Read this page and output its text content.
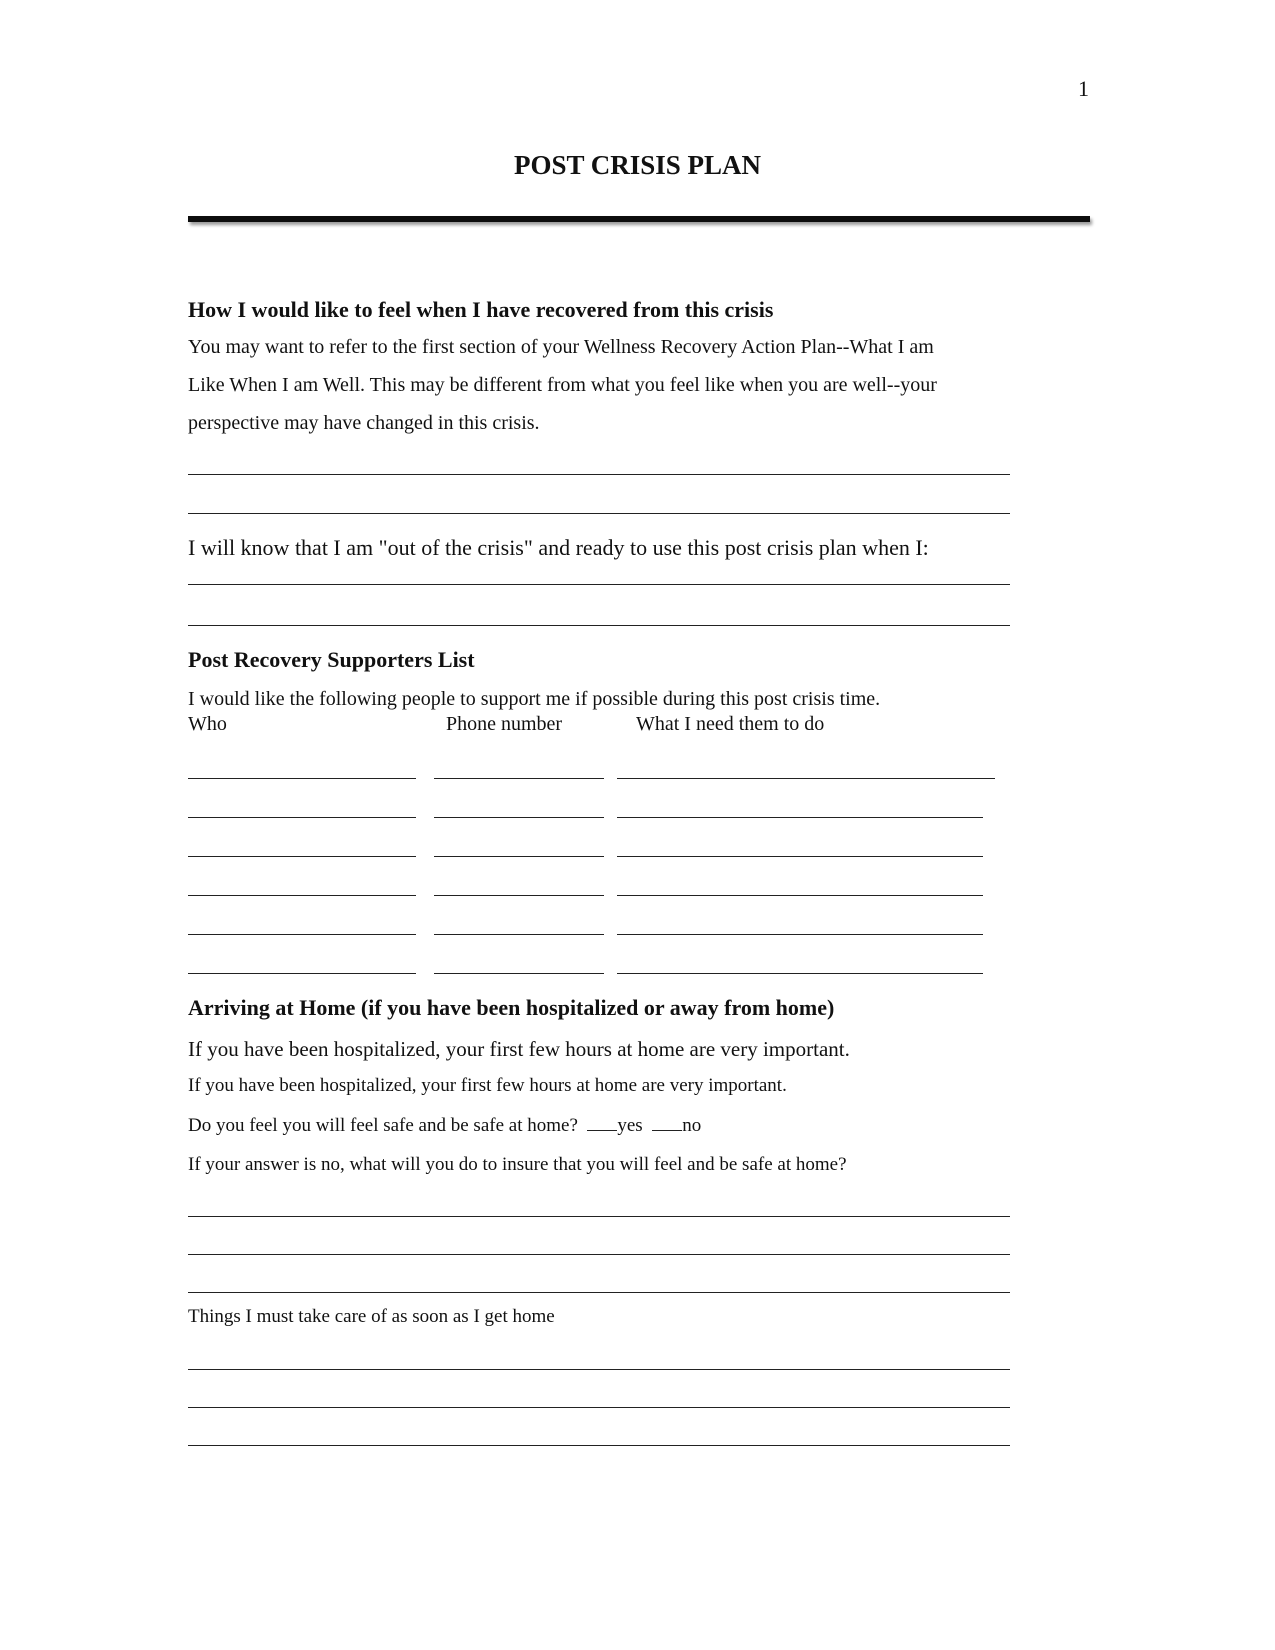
1
POST CRISIS PLAN
How I would like to feel when I have recovered from this crisis
You may want to refer to the first section of your Wellness Recovery Action Plan--What I am
Like When I am Well. This may be different from what you feel like when you are well--your
perspective may have changed in this crisis.
I will know that I am "out of the crisis" and ready to use this post crisis plan when I:
Post Recovery Supporters List
I would like the following people to support me if possible during this post crisis time.
Who	Phone number	What I need them to do
Arriving at Home (if you have been hospitalized or away from home)
If you have been hospitalized, your first few hours at home are very important.
If you have been hospitalized, your first few hours at home are very important.
Do you feel you will feel safe and be safe at home? yes no
If your answer is no, what will you do to insure that you will feel and be safe at home?
Things I must take care of as soon as I get home
